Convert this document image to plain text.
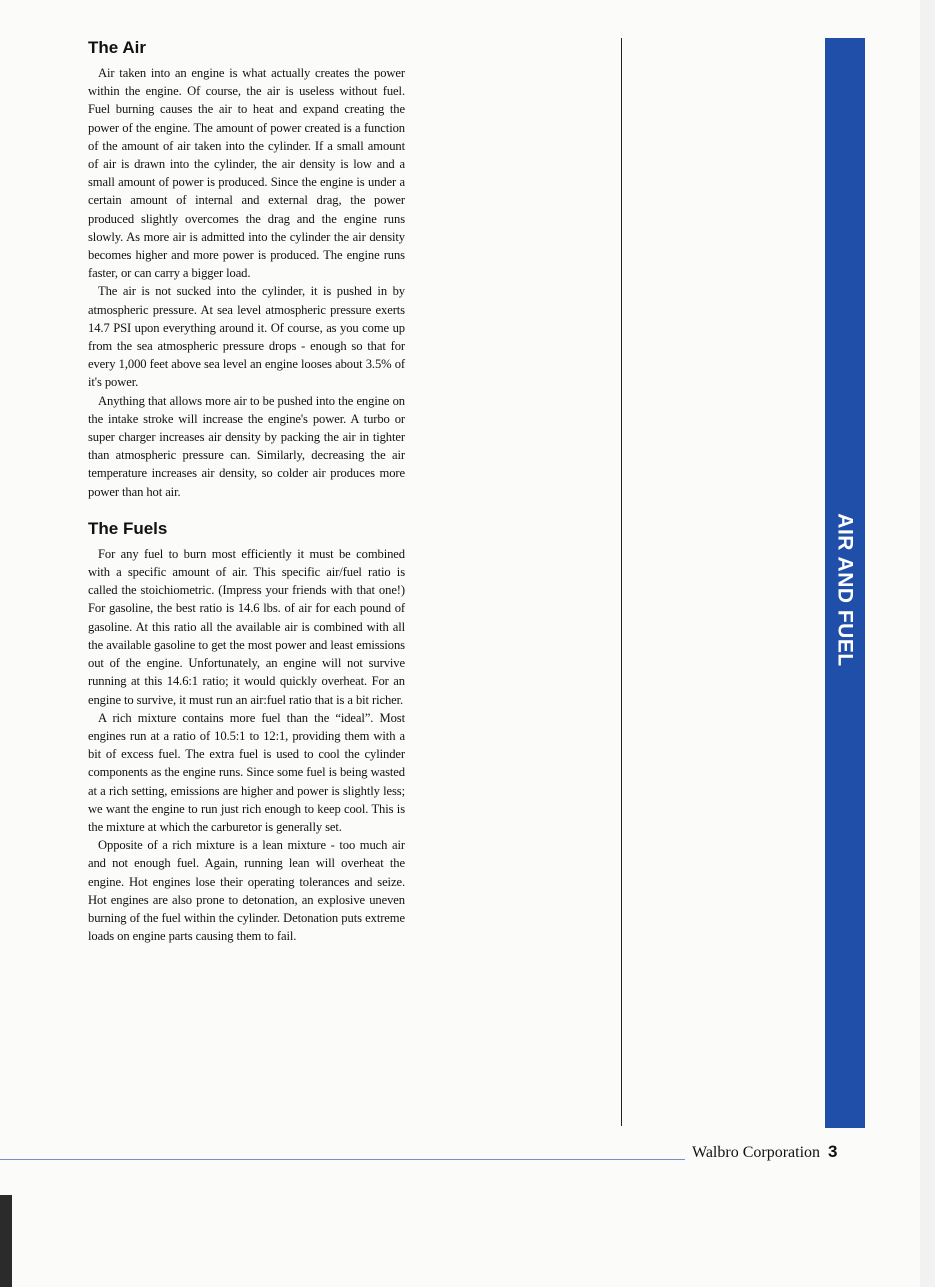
The Air

Air taken into an engine is what actually creates the power within the engine. Of course, the air is useless without fuel. Fuel burning causes the air to heat and expand creating the power of the engine. The amount of power created is a function of the amount of air taken into the cylinder. If a small amount of air is drawn into the cylinder, the air density is low and a small amount of power is produced. Since the engine is under a certain amount of internal and external drag, the power produced slightly overcomes the drag and the engine runs slowly. As more air is admitted into the cylinder the air density becomes higher and more power is produced. The engine runs faster, or can carry a bigger load.

The air is not sucked into the cylinder, it is pushed in by atmospheric pressure. At sea level atmospheric pressure exerts 14.7 PSI upon everything around it. Of course, as you come up from the sea atmospheric pressure drops - enough so that for every 1,000 feet above sea level an engine looses about 3.5% of it's power.

Anything that allows more air to be pushed into the engine on the intake stroke will increase the engine's power. A turbo or super charger increases air density by packing the air in tighter than atmospheric pressure can. Similarly, decreasing the air temperature increases air density, so colder air produces more power than hot air.

The Fuels

For any fuel to burn most efficiently it must be combined with a specific amount of air. This specific air/fuel ratio is called the stoichiometric. (Impress your friends with that one!) For gasoline, the best ratio is 14.6 lbs. of air for each pound of gasoline. At this ratio all the available air is combined with all the available gasoline to get the most power and least emissions out of the engine. Unfortunately, an engine will not survive running at this 14.6:1 ratio; it would quickly overheat. For an engine to survive, it must run an air:fuel ratio that is a bit richer.

A rich mixture contains more fuel than the “ideal”. Most engines run at a ratio of 10.5:1 to 12:1, providing them with a bit of excess fuel. The extra fuel is used to cool the cylinder components as the engine runs. Since some fuel is being wasted at a rich setting, emissions are higher and power is slightly less; we want the engine to run just rich enough to keep cool. This is the mixture at which the carburetor is generally set.

Opposite of a rich mixture is a lean mixture - too much air and not enough fuel. Again, running lean will overheat the engine. Hot engines lose their operating tolerances and seize. Hot engines are also prone to detonation, an explosive uneven burning of the fuel within the cylinder. Detonation puts extreme loads on engine parts causing them to fail.

AIR AND FUEL
Walbro Corporation 3
